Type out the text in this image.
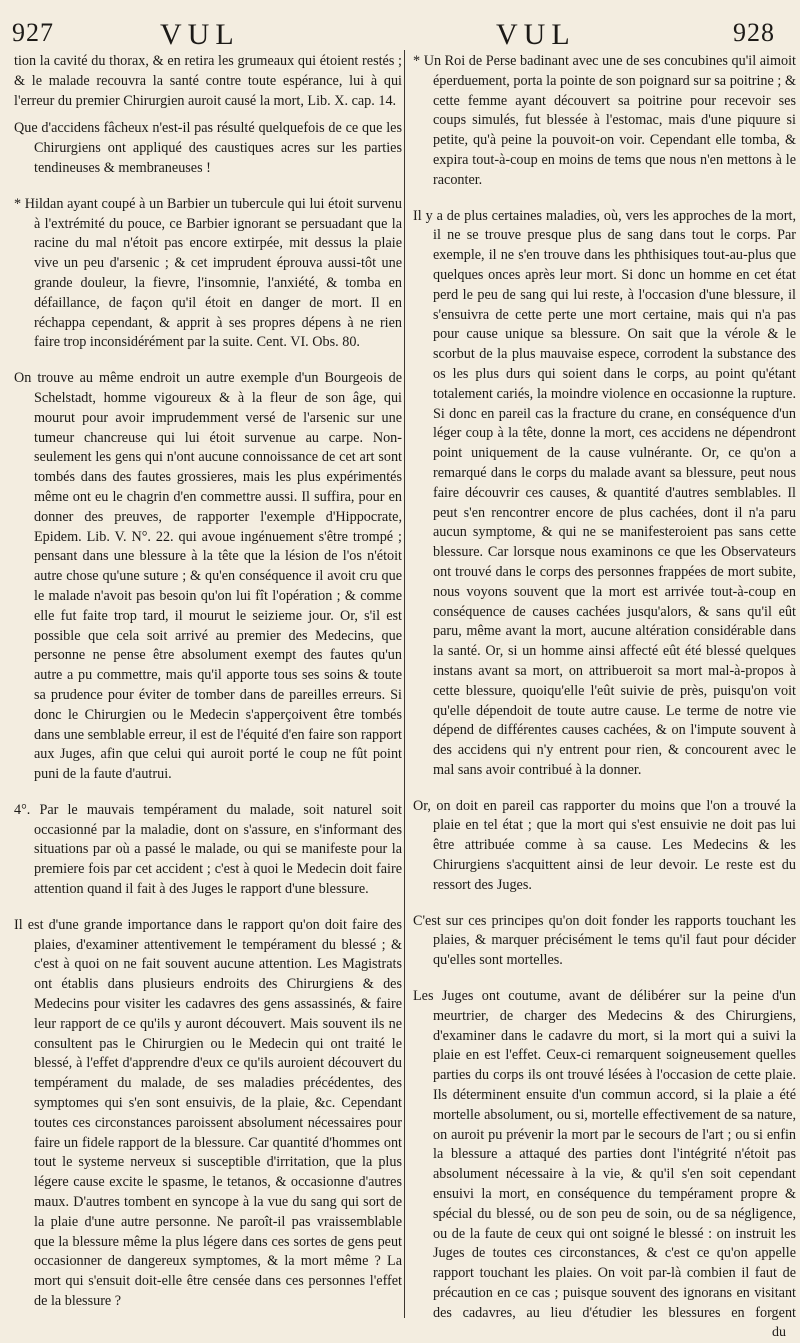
927	VUL	VUL	928

tion la cavité du thorax, & en retira les grumeaux qui étoient restés ; & le malade recouvra la santé contre toute espérance, lui à qui l'erreur du premier Chirurgien auroit causé la mort, Lib. X. cap. 14.

Que d'accidens fâcheux n'est-il pas résulté quelquefois de ce que les Chirurgiens ont appliqué des caustiques acres sur les parties tendineuses & membraneuses !

* Hildan ayant coupé à un Barbier un tubercule qui lui étoit survenu à l'extrémité du pouce, ce Barbier ignorant se persuadant que la racine du mal n'étoit pas encore extirpée, mit dessus la plaie vive un peu d'arsenic ; & cet imprudent éprouva aussi-tôt une grande douleur, la fievre, l'insomnie, l'anxiété, & tomba en défaillance, de façon qu'il étoit en danger de mort. Il en réchappa cependant, & apprit à ses propres dépens à ne rien faire trop inconsidérément par la suite. Cent. VI. Obs. 80.

On trouve au même endroit un autre exemple d'un Bourgeois de Schelstadt, homme vigoureux & à la fleur de son âge, qui mourut pour avoir imprudemment versé de l'arsenic sur une tumeur chancreuse qui lui étoit survenue au carpe. Non-seulement les gens qui n'ont aucune connoissance de cet art sont tombés dans des fautes grossieres, mais les plus expérimentés même ont eu le chagrin d'en commettre aussi. Il suffira, pour en donner des preuves, de rapporter l'exemple d'Hippocrate, Epidem. Lib. V. N°. 22. qui avoue ingénuement s'être trompé ; pensant dans une blessure à la tête que la lésion de l'os n'étoit autre chose qu'une suture ; & qu'en conséquence il avoit cru que le malade n'avoit pas besoin qu'on lui fît l'opération ; & comme elle fut faite trop tard, il mourut le seizieme jour. Or, s'il est possible que cela soit arrivé au premier des Medecins, que personne ne pense être absolument exempt des fautes qu'un autre a pu commettre, mais qu'il apporte tous ses soins & toute sa prudence pour éviter de tomber dans de pareilles erreurs. Si donc le Chirurgien ou le Medecin s'apperçoivent être tombés dans une semblable erreur, il est de l'équité d'en faire son rapport aux Juges, afin que celui qui auroit porté le coup ne fût point puni de la faute d'autrui.

4°. Par le mauvais tempérament du malade, soit naturel soit occasionné par la maladie, dont on s'assure, en s'informant des situations par où a passé le malade, ou qui se manifeste pour la premiere fois par cet accident ; c'est à quoi le Medecin doit faire attention quand il fait à des Juges le rapport d'une blessure.

Il est d'une grande importance dans le rapport qu'on doit faire des plaies, d'examiner attentivement le tempérament du blessé ; & c'est à quoi on ne fait souvent aucune attention. Les Magistrats ont établis dans plusieurs endroits des Chirurgiens & des Medecins pour visiter les cadavres des gens assassinés, & faire leur rapport de ce qu'ils y auront découvert. Mais souvent ils ne consultent pas le Chirurgien ou le Medecin qui ont traité le blessé, à l'effet d'apprendre d'eux ce qu'ils auroient découvert du tempérament du malade, de ses maladies précédentes, des symptomes qui s'en sont ensuivis, de la plaie, &c. Cependant toutes ces circonstances paroissent absolument nécessaires pour faire un fidele rapport de la blessure. Car quantité d'hommes ont tout le systeme nerveux si susceptible d'irritation, que la plus légere cause excite le spasme, le tetanos, & occasionne d'autres maux. D'autres tombent en syncope à la vue du sang qui sort de la plaie d'une autre personne. Ne paroît-il pas vraissemblable que la blessure même la plus légere dans ces sortes de gens peut occasionner de dangereux symptomes, & la mort même ? La mort qui s'ensuit doit-elle être censée dans ces personnes l'effet de la blessure ?

* Un Roi de Perse badinant avec une de ses concubines qu'il aimoit éperduement, porta la pointe de son poignard sur sa poitrine ; & cette femme ayant découvert sa poitrine pour recevoir ses coups simulés, fut blessée à l'estomac, mais d'une piquure si petite, qu'à peine la pouvoit-on voir. Cependant elle tomba, & expira tout-à-coup en moins de tems que nous n'en mettons à le raconter.

Il y a de plus certaines maladies, où, vers les approches de la mort, il ne se trouve presque plus de sang dans tout le corps. Par exemple, il ne s'en trouve dans les phthisiques tout-au-plus que quelques onces après leur mort. Si donc un homme en cet état perd le peu de sang qui lui reste, à l'occasion d'une blessure, il s'ensuivra de cette perte une mort certaine, mais qui n'a pas pour cause unique sa blessure. On sait que la vérole & le scorbut de la plus mauvaise espece, corrodent la substance des os les plus durs qui soient dans le corps, au point qu'étant totalement cariés, la moindre violence en occasionne la rupture. Si donc en pareil cas la fracture du crane, en conséquence d'un léger coup à la tête, donne la mort, ces accidens ne dépendront point uniquement de la cause vulnérante. Or, ce qu'on a remarqué dans le corps du malade avant sa blessure, peut nous faire découvrir ces causes, & quantité d'autres semblables. Il peut s'en rencontrer encore de plus cachées, dont il n'a paru aucun symptome, & qui ne se manifesteroient pas sans cette blessure. Car lorsque nous examinons ce que les Observateurs ont trouvé dans le corps des personnes frappées de mort subite, nous voyons souvent que la mort est arrivée tout-à-coup en conséquence de causes cachées jusqu'alors, & sans qu'il eût paru, même avant la mort, aucune altération considérable dans la santé. Or, si un homme ainsi affecté eût été blessé quelques instans avant sa mort, on attribueroit sa mort mal-à-propos à cette blessure, quoiqu'elle l'eût suivie de près, puisqu'on voit qu'elle dépendoit de toute autre cause. Le terme de notre vie dépend de différentes causes cachées, & on l'impute souvent à des accidens qui n'y entrent pour rien, & concourent avec le mal sans avoir contribué à la donner.

Or, on doit en pareil cas rapporter du moins que l'on a trouvé la plaie en tel état ; que la mort qui s'est ensuivie ne doit pas lui être attribuée comme à sa cause. Les Medecins & les Chirurgiens s'acquittent ainsi de leur devoir. Le reste est du ressort des Juges.

C'est sur ces principes qu'on doit fonder les rapports touchant les plaies, & marquer précisément le tems qu'il faut pour décider qu'elles sont mortelles.

Les Juges ont coutume, avant de délibérer sur la peine d'un meurtrier, de charger des Medecins & des Chirurgiens, d'examiner dans le cadavre du mort, si la mort qui a suivi la plaie en est l'effet. Ceux-ci remarquent soigneusement quelles parties du corps ils ont trouvé lésées à l'occasion de cette plaie. Ils déterminent ensuite d'un commun accord, si la plaie a été mortelle absolument, ou si, mortelle effectivement de sa nature, on auroit pu prévenir la mort par le secours de l'art ; ou si enfin la blessure a attaqué des parties dont l'intégrité n'étoit pas absolument nécessaire à la vie, & qu'il s'en soit cependant ensuivi la mort, en conséquence du tempérament propre & spécial du blessé, ou de son peu de soin, ou de sa négligence, ou de la faute de ceux qui ont soigné le blessé : on instruit les Juges de toutes ces circonstances, & c'est ce qu'on appelle rapport touchant les plaies. On voit par-là combien il faut de précaution en ce cas ; puisque souvent des ignorans en visitant des cadavres, au lieu d'étudier les blessures en forgent

du
